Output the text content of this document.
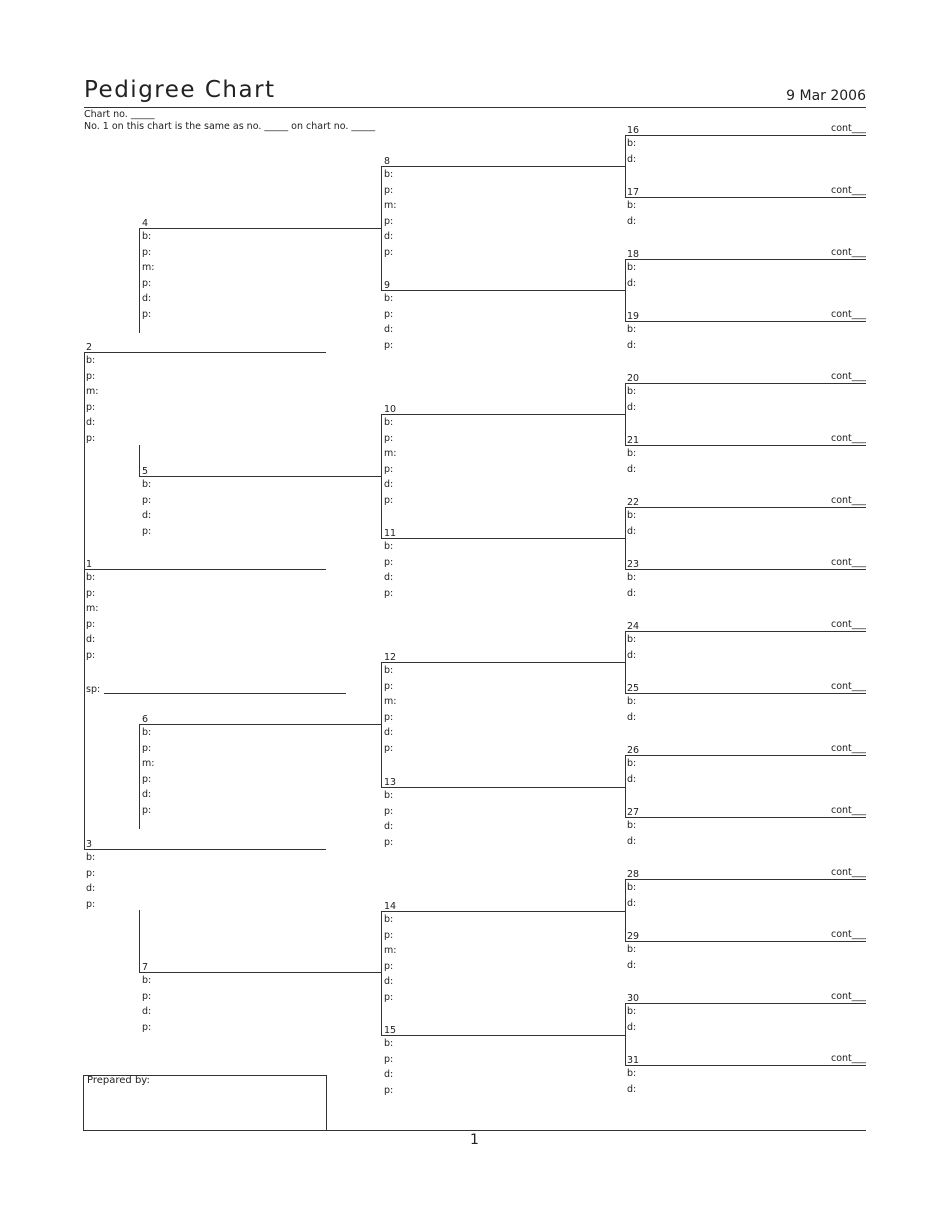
Pedigree Chart	9 Mar 2006
Chart no. _____
No. 1 on this chart is the same as no. _____ on chart no. _____
Prepared by:
1
1
b:
p:
m:
p:
d:
p:
2
b:
p:
m:
p:
d:
p:
3
b:
p:
d:
p:
4
b:
p:
m:
p:
d:
p:
5
b:
p:
d:
p:
6
b:
p:
m:
p:
d:
p:
7
b:
p:
d:
p:
8
b:
p:
m:
p:
d:
p:
9
b:
p:
d:
p:
10
b:
p:
m:
p:
d:
p:
11
b:
p:
d:
p:
12
b:
p:
m:
p:
d:
p:
13
b:
p:
d:
p:
14
b:
p:
m:
p:
d:
p:
15
b:
p:
d:
p:
16
b:
d:
cont___
17
b:
d:
cont___
18
b:
d:
cont___
19
b:
d:
cont___
20
b:
d:
cont___
21
b:
d:
cont___
22
b:
d:
cont___
23
b:
d:
cont___
24
b:
d:
cont___
25
b:
d:
cont___
26
b:
d:
cont___
27
b:
d:
cont___
28
b:
d:
cont___
29
b:
d:
cont___
30
b:
d:
cont___
31
b:
d:
cont___
sp:
